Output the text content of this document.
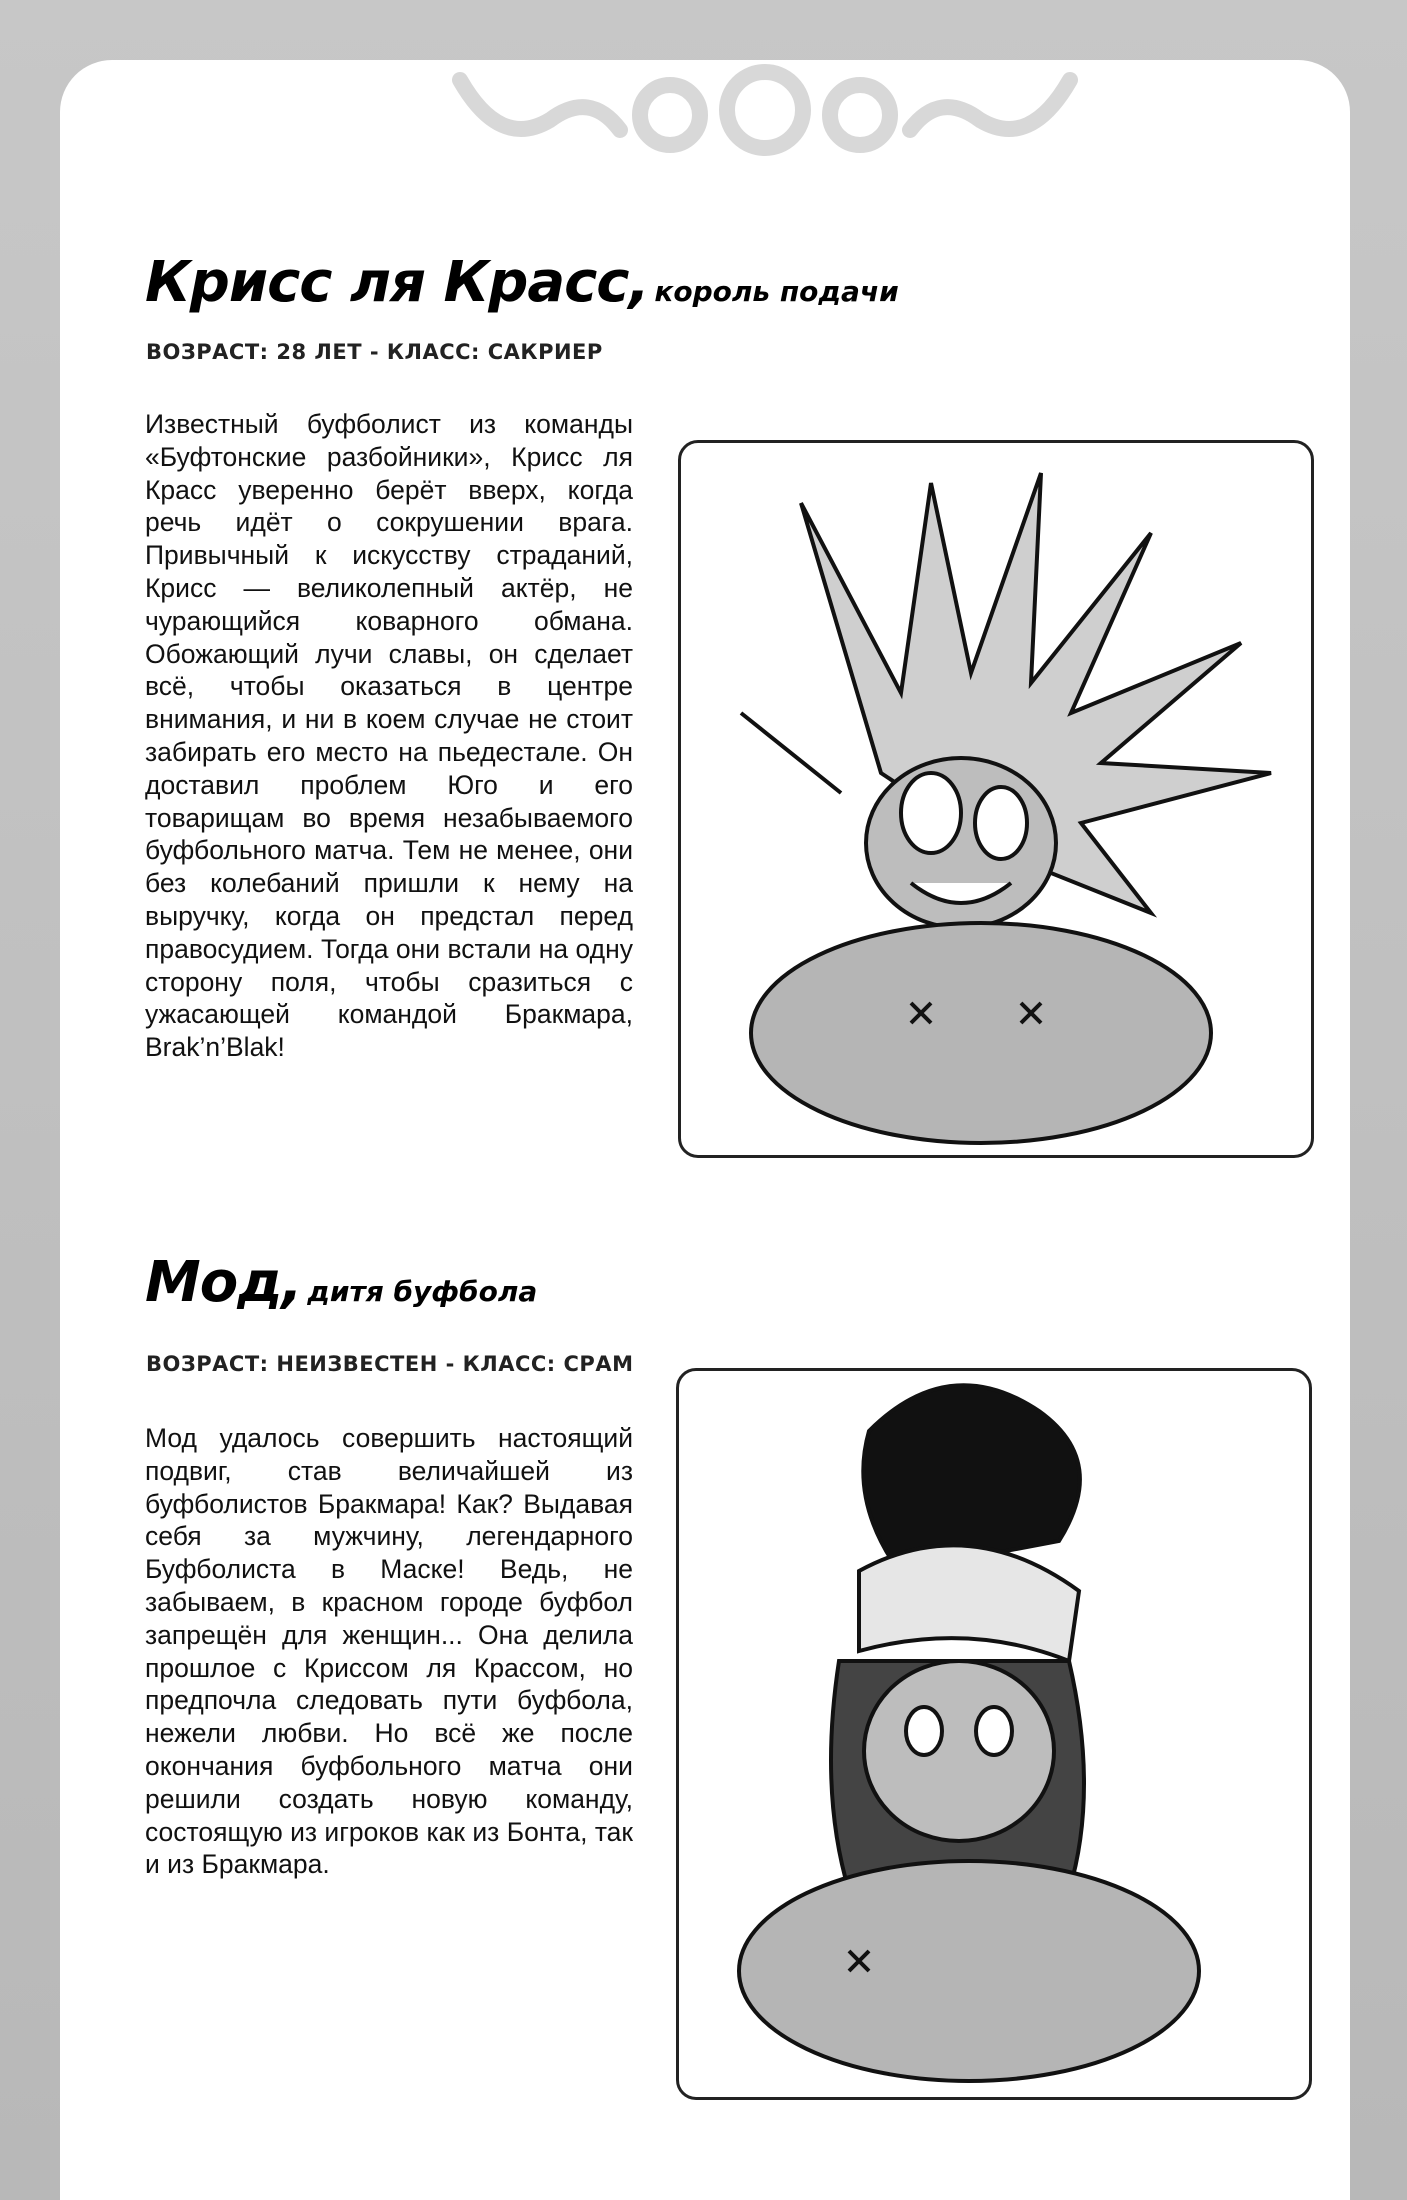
Крисс ля Красс, король подачи
ВОЗРАСТ: 28 ЛЕТ - КЛАСС: САКРИЕР
Известный буфболист из команды «Буфтонские разбойники», Крисс ля Красс уверенно берёт вверх, когда речь идёт о сокрушении врага. Привычный к искусству страданий, Крисс — великолепный актёр, не чурающийся коварного обмана. Обожающий лучи славы, он сделает всё, чтобы оказаться в центре внимания, и ни в коем случае не стоит забирать его место на пьедестале. Он доставил проблем Юго и его товарищам во время незабываемого буфбольного матча. Тем не менее, они без колебаний пришли к нему на выручку, когда он предстал перед правосудием. Тогда они встали на одну сторону поля, чтобы сразиться с ужасающей командой Бракмара, Brak’n’Blak!
Мод, дитя буфбола
ВОЗРАСТ: НЕИЗВЕСТЕН - КЛАСС: СРАМ
Мод удалось совершить настоящий подвиг, став величайшей из буфболистов Бракмара! Как? Выдавая себя за мужчину, легендарного Буфболиста в Маске! Ведь, не забываем, в красном городе буфбол запрещён для женщин... Она делила прошлое с Криссом ля Крассом, но предпочла следовать пути буфбола, нежели любви. Но всё же после окончания буфбольного матча они решили создать новую команду, состоящую из игроков как из Бонта, так и из Бракмара.
